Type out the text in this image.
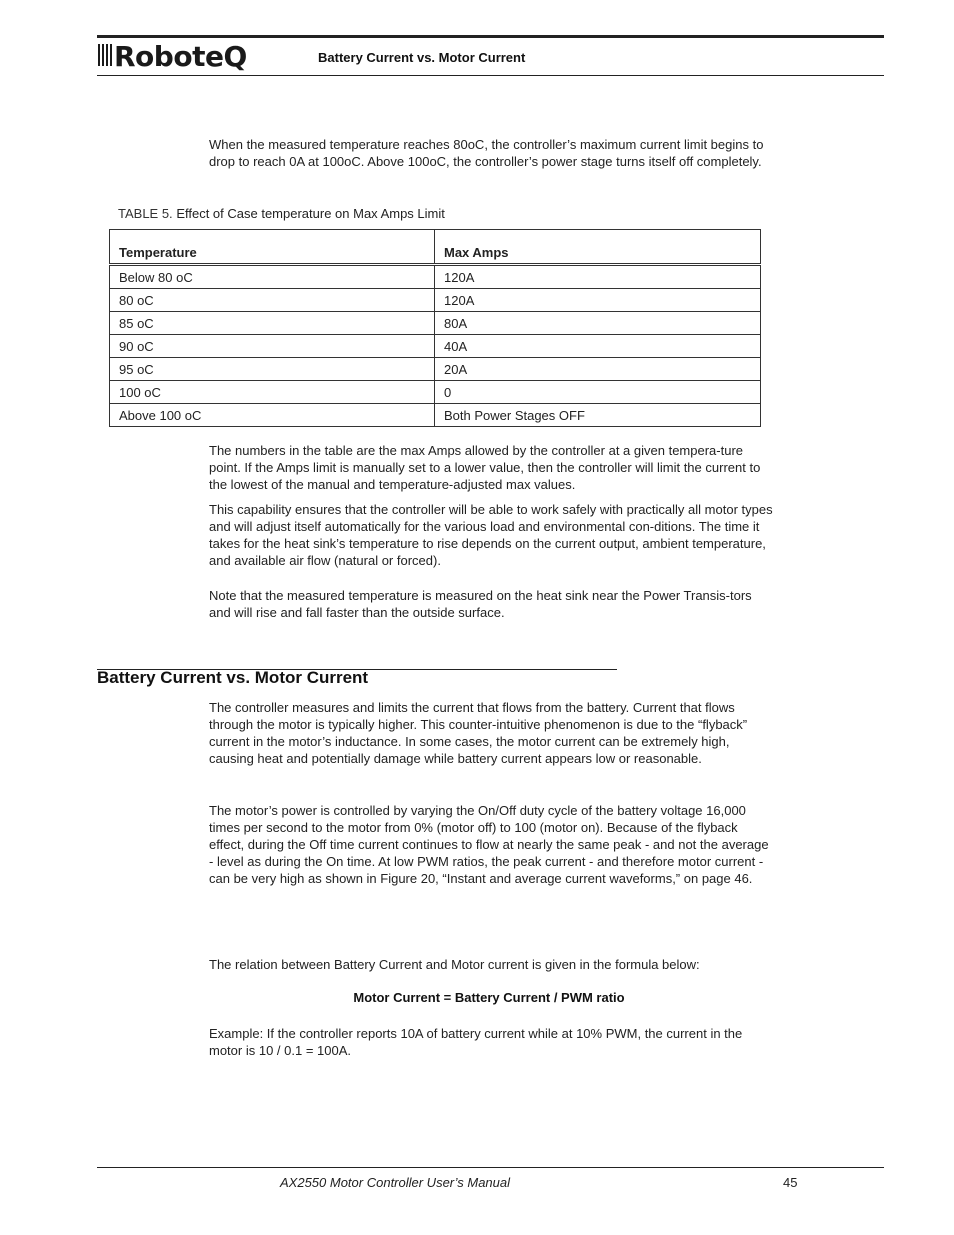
RoboteQ	Battery Current vs. Motor Current
When the measured temperature reaches 80oC, the controller’s maximum current limit begins to drop to reach 0A at 100oC. Above 100oC, the controller’s power stage turns itself off completely.
TABLE 5. Effect of Case temperature on Max Amps Limit
Temperature	Max Amps
Below 80 oC	120A
80 oC	120A
85 oC	80A
90 oC	40A
95 oC	20A
100 oC	0
Above 100 oC	Both Power Stages OFF
The numbers in the table are the max Amps allowed by the controller at a given tempera-ture point. If the Amps limit is manually set to a lower value, then the controller will limit the current to the lowest of the manual and temperature-adjusted max values.
This capability ensures that the controller will be able to work safely with practically all motor types and will adjust itself automatically for the various load and environmental con-ditions. The time it takes for the heat sink’s temperature to rise depends on the current output, ambient temperature, and available air flow (natural or forced).
Note that the measured temperature is measured on the heat sink near the Power Transis-tors and will rise and fall faster than the outside surface.
Battery Current vs. Motor Current
The controller measures and limits the current that flows from the battery. Current that flows through the motor is typically higher. This counter-intuitive phenomenon is due to the “flyback” current in the motor’s inductance. In some cases, the motor current can be extremely high, causing heat and potentially damage while battery current appears low or reasonable.
The motor’s power is controlled by varying the On/Off duty cycle of the battery voltage 16,000 times per second to the motor from 0% (motor off) to 100 (motor on). Because of the flyback effect, during the Off time current continues to flow at nearly the same peak - and not the average - level as during the On time. At low PWM ratios, the peak current - and therefore motor current - can be very high as shown in Figure 20, “Instant and average current waveforms,” on page 46.
The relation between Battery Current and Motor current is given in the formula below:
Motor Current = Battery Current / PWM ratio
Example: If the controller reports 10A of battery current while at 10% PWM, the current in the motor is 10 / 0.1 = 100A.
AX2550 Motor Controller User’s Manual	45
